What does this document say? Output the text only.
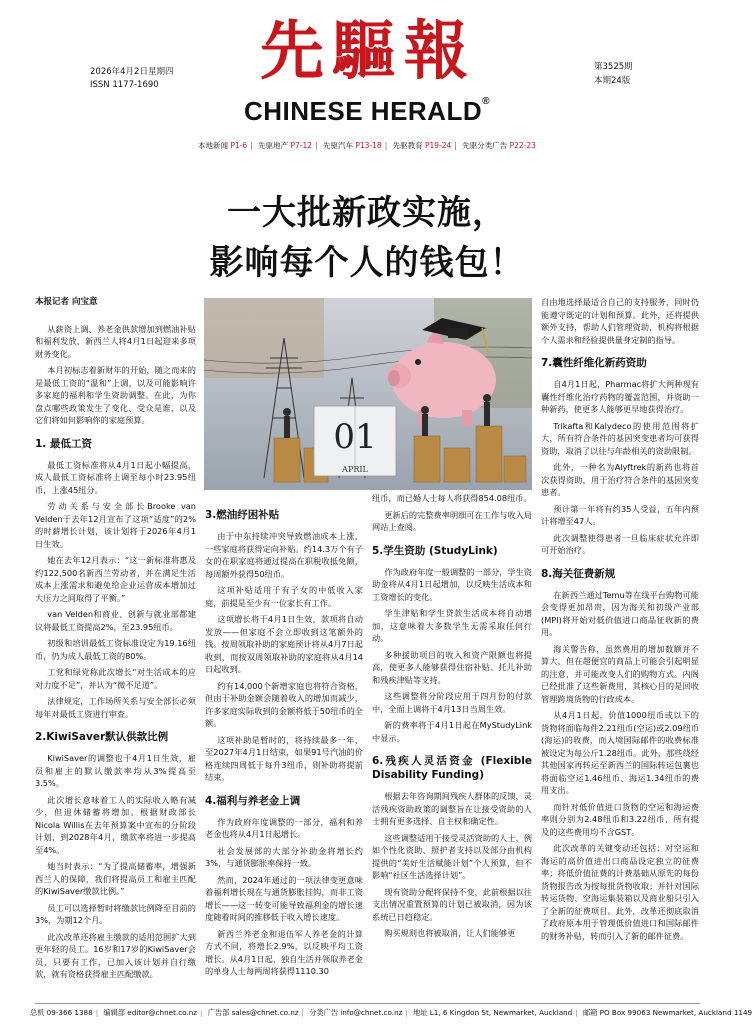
2026年4月2日星期四
ISSN 1177-1690	先驅報
CHINESE HERALD®
第3525期
本期24版
本地新闻 P1-6 | 先驱地产 P7-12 | 先驱汽车 P13-18 | 先驱教育 P19-24 | 先驱分类广告 P22-23
一大批新政实施，
影响每个人的钱包！
01
APRIL

本报记者 向宝意

从薪资上调、养老金供款增加到燃油补贴和福利发放，新西兰人将4月1日起迎来多项财务变化。

本月初标志着新财年的开始，随之而来的是最低工资的“温和”上调，以及可能影响许多家庭的福利和学生资助调整。在此，为你盘点哪些政策发生了变化、受众是谁，以及它们将如何影响你的家庭预算。

1. 最低工资

最低工资标准将从4月1日起小幅提高，成人最低工资标准将上调至每小时23.95纽币，上涨45纽分。

劳动关系与安全部长Brooke van Velden于去年12月宣布了这项“适度”的2%的时薪增长计划，该计划将于2026年4月1日生效。

她在去年12月表示：“这一新标准将惠及约122,500名新西兰劳动者，并在满足生活成本上涨需求和避免给企业运营成本增加过大压力之间取得了平衡。”

van Velden和商业、创新与就业部都建议将最低工资提高2%，至23.95纽币。

初级和培训最低工资标准设定为19.16纽币，仍为成人最低工资的80%。

工党和绿党称此次增长“对生活成本的应对力度不足”，并认为“微不足道”。

法律规定，工作场所关系与安全部长必须每年对最低工资进行审查。

2.KiwiSaver默认供款比例

KiwiSaver的调整也于4月1日生效，雇员和雇主的默认缴款率均从3%提高至3.5%。

此次增长意味着工人的实际收入略有减少，但退休储蓄将增加。根据财政部长Nicola Willis在去年预算案中宣布的分阶段计划，到2028年4月，缴款率将进一步提高至4%。

她当时表示：“为了提高储蓄率，增强新西兰人的保障，我们将提高员工和雇主匹配的KiwiSaver缴款比例。”

员工可以选择暂时将缴款比例降至目前的3%，为期12个月。

此次改革还将雇主缴款的适用范围扩大到更年轻的员工。16岁和17岁的KiwiSaver会员，只要有工作，已加入该计划并自行缴款，就有资格获得雇主匹配缴款。

3.燃油纾困补贴

由于中东持续冲突导致燃油成本上涨，一些家庭将获得定向补贴。约14.3万个有子女的在职家庭将通过提高在职税收抵免额，每周额外获得50纽币。

这项补贴适用于有子女的中低收入家庭，前提是至少有一位家长有工作。

这项增长将于4月1日生效，款项将自动发放——但家庭不会立即收到这笔额外的钱。按周领取补助的家庭预计将从4月7日起收到，而按双周领取补助的家庭将从4月14日起收到。

约有14,000个新增家庭也将符合资格，但由于补助金额会随着收入的增加而减少，许多家庭实际收到的金额将低于50纽币的全额。

这项补助是暂时的，将持续最多一年，至2027年4月1日结束，如果91号汽油的价格连续四周低于每升3纽币，则补助将提前结束。

4.福利与养老金上调

作为政府年度调整的一部分，福利和养老金也将从4月1日起增长。

社会发展部的大部分补助金将增长约3%，与通货膨胀率保持一致。

然而，2024年通过的一项法律变更意味着福利增长现在与通货膨胀挂钩，而非工资增长——这一转变可能导致福利金的增长速度随着时间的推移低于收入增长速度。

新西兰养老金和退伍军人养老金的计算方式不同，将增长2.9%，以反映平均工资增长。从4月1日起，独自生活并领取养老金的单身人士每两周将获得1110.30

纽币，而已婚人士每人将获得854.08纽币。

更新后的完整费率明细可在工作与收入局网站上查阅。

5.学生资助 (StudyLink)

作为政府年度一般调整的一部分，学生资助金将从4月1日起增加，以反映生活成本和工资增长的变化。

学生津贴和学生贷款生活成本将自动增加，这意味着大多数学生无需采取任何行动。

多种援助项目的收入和资产限额也将提高，使更多人能够获得住宿补贴、托儿补助和残疾津贴等支持。

这些调整将分阶段应用于四月份的付款中，全面上调将于4月13日当周生效。

新的费率将于4月1日起在MyStudyLink中显示。

6.残疾人灵活资金 (Flexible Disability Funding)

根据去年咨询期间残疾人群体的反馈，灵活残疾资助政策的调整旨在让接受资助的人士拥有更多选择、自主权和确定性。

这些调整适用于接受灵活资助的人士，例如个性化资助、照护者支持以及部分由机构提供的“美好生活赋能计划”个人预算，但不影响“社区生活选择计划”。

现有资助分配将保持不变，此前根据以往支出情况重置预算的计划已被取消，因为该系统已日趋稳定。

购买规则也将被取消，让人们能够更

自由地选择最适合自己的支持服务，同时仍能遵守既定的计划和预算。此外，还将提供额外支持，帮助人们管理资助，机构将根据个人需求和经验提供量身定制的指导。

7.囊性纤维化新药资助

自4月1日起，Pharmac将扩大两种现有囊性纤维化治疗药物的覆盖范围，并资助一种新药，使更多人能够更早地获得治疗。

Trikafta和Kalydeco的使用范围将扩大，所有符合条件的基因突变患者均可获得资助，取消了以往与年龄相关的资助限制。

此外，一种名为Alyftrek的新药也将首次获得资助，用于治疗符合条件的基因突变患者。

预计第一年将有约35人受益，五年内预计将增至47人。

此次调整使得患者一旦临床症状允许即可开始治疗。

8.海关征费新规

在新西兰通过Temu等在线平台购物可能会变得更加昂贵，因为海关和初级产业部(MPI)将开始对低价值进口商品征收新的费用。

海关警告称，虽然费用的增加数额并不算大，但在超便宜的商品上可能会引起明显的注意，并可能改变人们的购物方式。内阁已经批准了这些新费用，其核心目的是回收管理跨境货物的行政成本。

从4月1日起，价值1000纽币或以下的货物将面临每件2.21纽币(空运)或2.09纽币(海运)的收费，而入境国际邮件的收费标准被设定为每公斤1.28纽币。此外，那些绕经其他国家再转运至新西兰的国际转运包裹也将面临空运1.46纽币、海运1.34纽币的费用支出。

而针对低价值进口货物的空运和海运费率则分别为2.48纽币和3.22纽币，所有提及的这些费用均不含GST。

此次改革的关键变动还包括：对空运和海运的高价值进出口商品设定独立的征费率；将低价值征费的计费基础从原先的每份货物报告改为按每批货物收取；并针对国际转运货物、空海运集装箱以及商业船只引入了全新的征费项目。此外，改革还彻底取消了政府原本用于管理低价值进口和国际邮件的财务补贴，转而引入了新的邮件征费。

总机 09-366 1388 | 编辑部 editor@chnet.co.nz | 广告部 sales@chnet.co.nz | 分类广告 info@chnet.co.nz | 地址 L1, 6 Kingdon St, Newmarket, Auckland | 邮箱 PO Box 99063 Newmarket, Auckland 1149
